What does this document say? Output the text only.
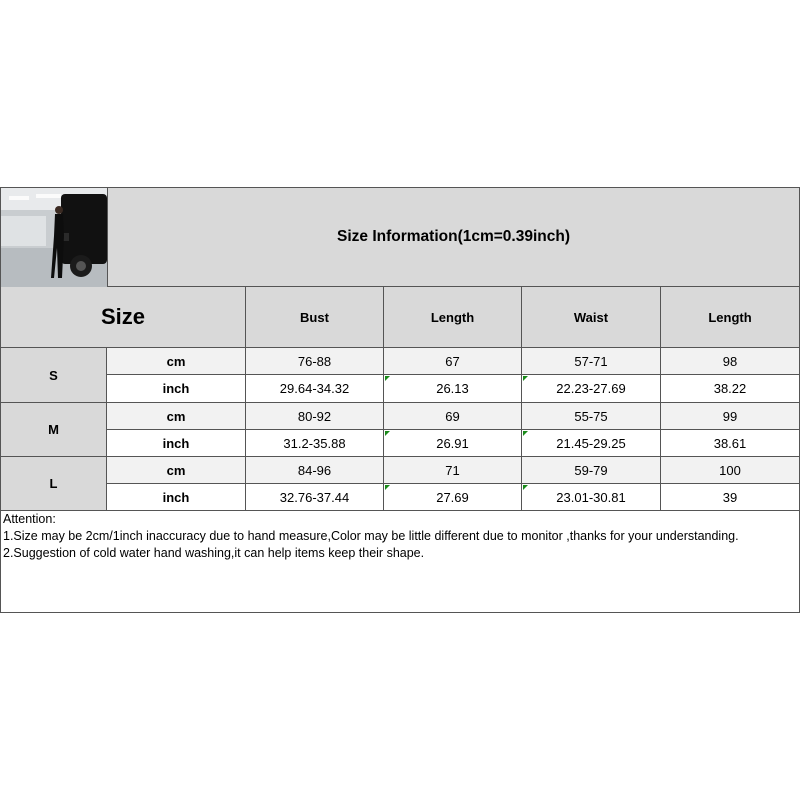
Size Information(1cm=0.39inch)
Size	Bust	Length	Waist	Length
S
cm	76-88	67	57-71	98
inch	29.64-34.32	26.13	22.23-27.69	38.22
M
cm	80-92	69	55-75	99
inch	31.2-35.88	26.91	21.45-29.25	38.61
L
cm	84-96	71	59-79	100
inch	32.76-37.44	27.69	23.01-30.81	39
Attention:
1.Size may be 2cm/1inch inaccuracy due to hand measure,Color may be little different due to monitor ,thanks for your understanding.
2.Suggestion of cold water hand washing,it can help items keep their shape.
